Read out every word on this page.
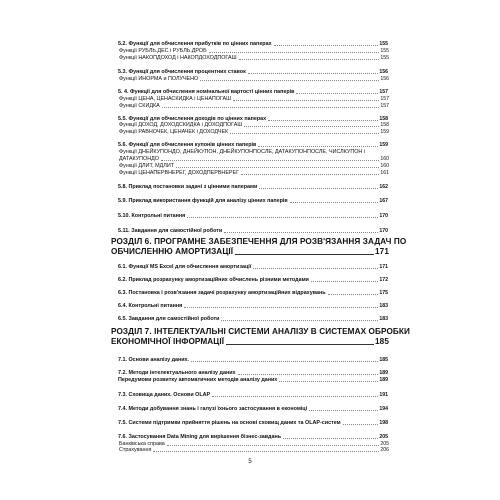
5.2. Функції для обчислення прибутків по цінних паперах	155
Функції РУБЛЬ.ДЕС і РУБЛЬ.ДРОБ	155
Функції НАКОПДОХОД і НАКОПДОХОДПОГАШ	155
5.3. Функції для обчислення процентних ставок	156
Функції ИНОРМА и ПОЛУЧЕНО	156
5. 4. Функції для обчислення номінальної вартості цінних паперів	157
Функції ЦЕНА, ЦЕНАСКИДКА і ЦЕНАПОГАШ	157
Функції СКИДКА	157
5.5. Функції для обчислення доходів по цінних паперах	158
Функції ДОХОД, ДОХОДСКИДКА і ДОХОДПОГАШ	158
Функції РАВНОЧЕК, ЦЕНАЧЕК і ДОХОДЧЕК	159
5.6. Функції для обчислення купонів цінних паперів	159
Функції ДНЕЙКУПОНДО, ДНЕЙКУПОН, ДНЕЙКУПОНПОСЛЕ, ДАТАКУПОНПОСЛЕ, ЧИСЛКУПОН і
ДАТАКУПОНДО	160
Функції ДЛИТ, МДЛИТ	160
Функції ЦЕНАПЕРВНЕРЕГ, ДОХОДПЕРВНЕРЕГ	161
5.8. Приклад постановки задачі з цінними паперами	162
5.9. Приклад використання функцій для аналізу цінних паперів	167
5.10. Контрольні питання	170
5.11. Завдання для самостійної роботи	170
РОЗДІЛ 6. ПРОГРАМНЕ ЗАБЕЗПЕЧЕННЯ ДЛЯ РОЗВ'ЯЗАННЯ ЗАДАЧ ПО
ОБЧИСЛЕННЮ АМОРТИЗАЦІЇ	171
6.1. Функції MS Excel для обчислення амортизації	171
6.2. Приклад розрахунку амортизаційних обчислень різними методами	172
6.3. Постановка і розв'язання задачі розрахунку амортизаційних відрахувань	175
6.4. Контрольні питання	183
6.5. Завдання для самостійної роботи	183
РОЗДІЛ 7. ІНТЕЛЕКТУАЛЬНІ СИСТЕМИ АНАЛІЗУ В СИСТЕМАХ ОБРОБКИ
ЕКОНОМІЧНОЇ ІНФОРМАЦІЇ	185
7.1. Основи аналізу даних.	185
7.2. Методи інтелектуального аналізу даних	189
Передумови розвитку автоматичних методів аналізу даних	189
7.3. Сховища даних. Основи OLAP	191
7.4. Методи добування знань і галузі їхнього застосування в економіці	194
7.5. Системи підтримки прийняття рішень на основі сховищ даних та OLAP-систем	198
7.6. Застосування Data Mining для вирішення бізнес-завдань	205
Банківська справа	205
Страхування	206
5
